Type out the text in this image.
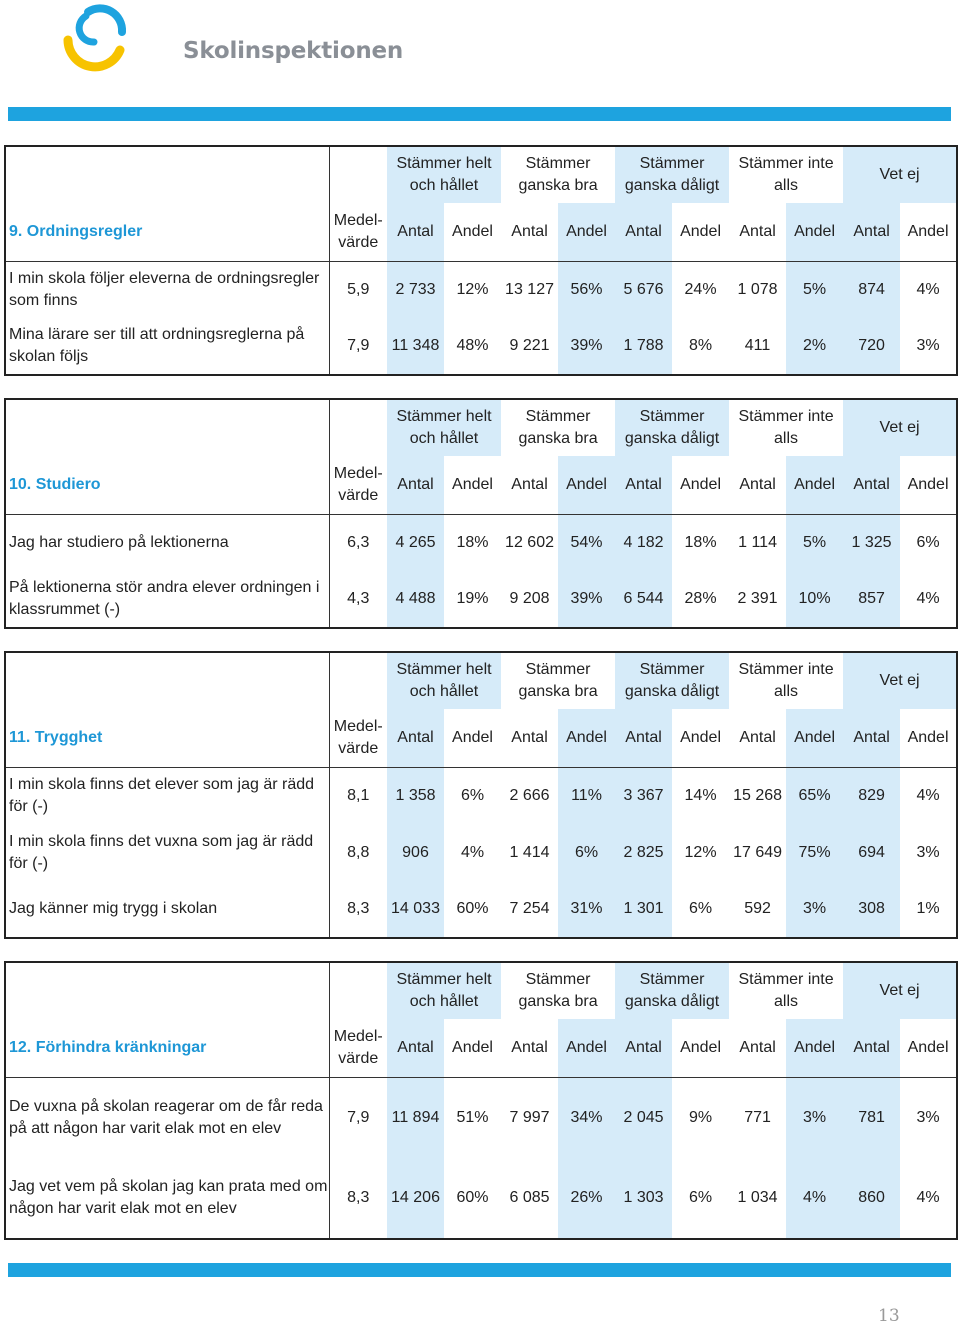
Skolinspektionen
		Stämmer helt och hållet		Stämmer ganska bra		Stämmer ganska dåligt		Stämmer inte alls		Vet ej	
9. Ordningsregler	Medel-värde	Antal	Andel	Antal	Andel	Antal	Andel	Antal	Andel	Antal	Andel
I min skola följer eleverna de ordningsregler som finns	5,9	2 733	12%	13 127	56%	5 676	24%	1 078	5%	874	4%
Mina lärare ser till att ordningsreglerna på skolan följs	7,9	11 348	48%	9 221	39%	1 788	8%	411	2%	720	3%
		Stämmer helt och hållet		Stämmer ganska bra		Stämmer ganska dåligt		Stämmer inte alls		Vet ej	
10. Studiero	Medel-värde	Antal	Andel	Antal	Andel	Antal	Andel	Antal	Andel	Antal	Andel
Jag har studiero på lektionerna	6,3	4 265	18%	12 602	54%	4 182	18%	1 114	5%	1 325	6%
På lektionerna stör andra elever ordningen i klassrummet (-)	4,3	4 488	19%	9 208	39%	6 544	28%	2 391	10%	857	4%
		Stämmer helt och hållet		Stämmer ganska bra		Stämmer ganska dåligt		Stämmer inte alls		Vet ej	
11. Trygghet	Medel-värde	Antal	Andel	Antal	Andel	Antal	Andel	Antal	Andel	Antal	Andel
I min skola finns det elever som jag är rädd för (-)	8,1	1 358	6%	2 666	11%	3 367	14%	15 268	65%	829	4%
I min skola finns det vuxna som jag är rädd för (-)	8,8	906	4%	1 414	6%	2 825	12%	17 649	75%	694	3%
Jag känner mig trygg i skolan	8,3	14 033	60%	7 254	31%	1 301	6%	592	3%	308	1%
		Stämmer helt och hållet		Stämmer ganska bra		Stämmer ganska dåligt		Stämmer inte alls		Vet ej	
12. Förhindra kränkningar	Medel-värde	Antal	Andel	Antal	Andel	Antal	Andel	Antal	Andel	Antal	Andel
De vuxna på skolan reagerar om de får reda på att någon har varit elak mot en elev	7,9	11 894	51%	7 997	34%	2 045	9%	771	3%	781	3%
Jag vet vem på skolan jag kan prata med om någon har varit elak mot en elev	8,3	14 206	60%	6 085	26%	1 303	6%	1 034	4%	860	4%
13
